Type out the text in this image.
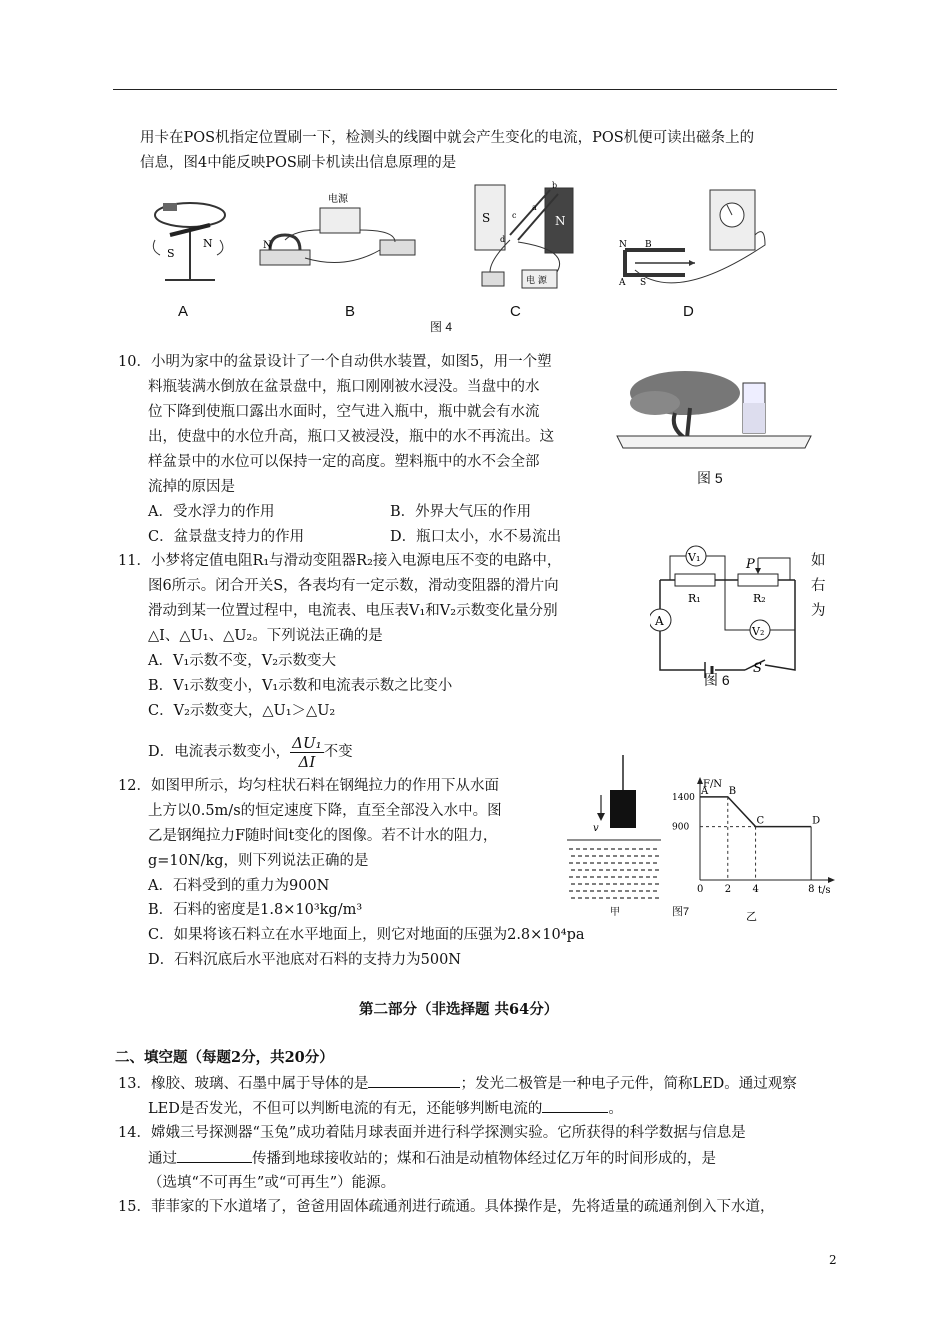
用卡在POS机指定位置刷一下，检测头的线圈中就会产生变化的电流，POS机便可读出磁条上的
信息，图4中能反映POS刷卡机读出信息原理的是
S
N
电源
N
S	N
b
a
c
d
电 源
N
S
A
B
A	B	C	D
图 4
10．小明为家中的盆景设计了一个自动供水装置，如图5，用一个塑
料瓶装满水倒放在盆景盘中，瓶口刚刚被水浸没。当盘中的水
位下降到使瓶口露出水面时，空气进入瓶中，瓶中就会有水流
出，使盘中的水位升高，瓶口又被浸没，瓶中的水不再流出。这
样盆景中的水位可以保持一定的高度。塑料瓶中的水不会全部
流掉的原因是
A．受水浮力的作用	B．外界大气压的作用
C．盆景盘支持力的作用	D．瓶口太小，水不易流出
图 5
11．小梦将定值电阻R₁与滑动变阻器R₂接入电源电压不变的电路中，	如
图6所示。闭合开关S，各表均有一定示数，滑动变阻器的滑片向	右
滑动到某一位置过程中，电流表、电压表V₁和V₂示数变化量分别	为
△I、△U₁、△U₂。下列说法正确的是
A．V₁示数不变，V₂示数变大
B．V₁示数变小，V₁示数和电流表示数之比变小
C．V₂示数变大，△U₁＞△U₂
D．电流表示数变小， $\frac{\text{ΔU₁}}{\Delta I}$ 不变
A
R₁	R₂
P
V₁
V₂
S
图 6
12．如图甲所示，均匀柱状石料在钢绳拉力的作用下从水面
上方以0.5m/s的恒定速度下降，直至全部没入水中。图
乙是钢绳拉力F随时间t变化的图像。若不计水的阻力，
g=10N/kg，则下列说法正确的是
A．石料受到的重力为900N
B．石料的密度是1.8×10³kg/m³
C．如果将该石料立在水平地面上，则它对地面的压强为2.8×10⁴pa
D．石料沉底后水平池底对石料的支持力为500N
v
甲	图7
F/N
t/s
乙
A B
C	D
0 2 4	8
900
1400
第二部分（非选择题 共64分）
二、填空题（每题2分，共20分）
13．橡胶、玻璃、石墨中属于导体的是	；发光二极管是一种电子元件，简称LED。通过观察
LED是否发光，不但可以判断电流的有无，还能够判断电流的	。
14．嫦娥三号探测器“玉兔”成功着陆月球表面并进行科学探测实验。它所获得的科学数据与信息是
通过	传播到地球接收站的；煤和石油是动植物体经过亿万年的时间形成的，是
（选填“不可再生”或“可再生”）能源。
15．菲菲家的下水道堵了，爸爸用固体疏通剂进行疏通。具体操作是，先将适量的疏通剂倒入下水道，
2
